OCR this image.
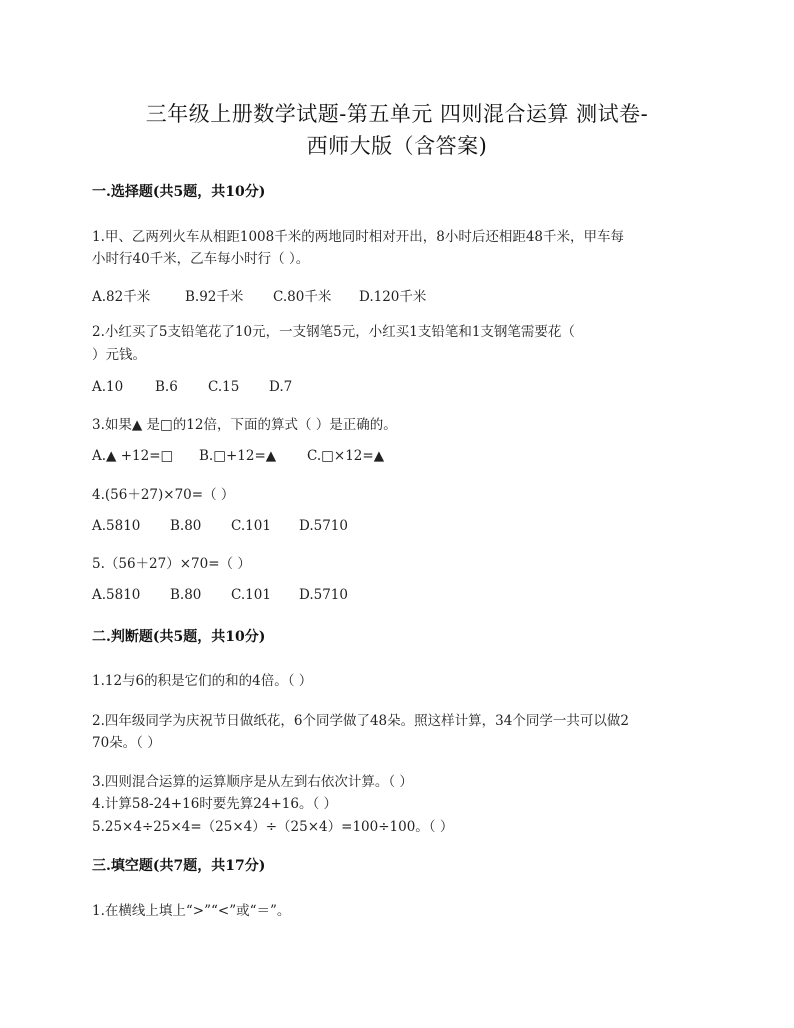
三年级上册数学试题-第五单元 四则混合运算 测试卷-
西师大版（含答案)
一.选择题(共5题，共10分)
1.甲、乙两列火车从相距1008千米的两地同时相对开出，8小时后还相距48千米，甲车每
小时行40千米，乙车每小时行（ ）。
A.82千米	B.92千米 C.80千米 D.120千米
2.小红买了5支铅笔花了10元，一支钢笔5元，小红买1支铅笔和1支钢笔需要花（
）元钱。
A.10 B.6 C.15 D.7
3.如果▲ 是□的12倍，下面的算式（ ）是正确的。
A.▲ +12=□ B.□+12=▲ C.□×12=▲
4.(56＋27)×70=（ ）
A.5810 B.80 C.101 D.5710
5.（56＋27）×70=（ ）
A.5810 B.80 C.101 D.5710
二.判断题(共5题，共10分)
1.12与6的积是它们的和的4倍。（ ）
2.四年级同学为庆祝节日做纸花，6个同学做了48朵。照这样计算，34个同学一共可以做2
70朵。（ ）
3.四则混合运算的运算顺序是从左到右依次计算。（ ）
4.计算58-24+16时要先算24+16。（ ）
5.25×4÷25×4=（25×4）÷（25×4）=100÷100。（ ）
三.填空题(共7题，共17分)
1.在横线上填上“>”“<”或“＝”。
